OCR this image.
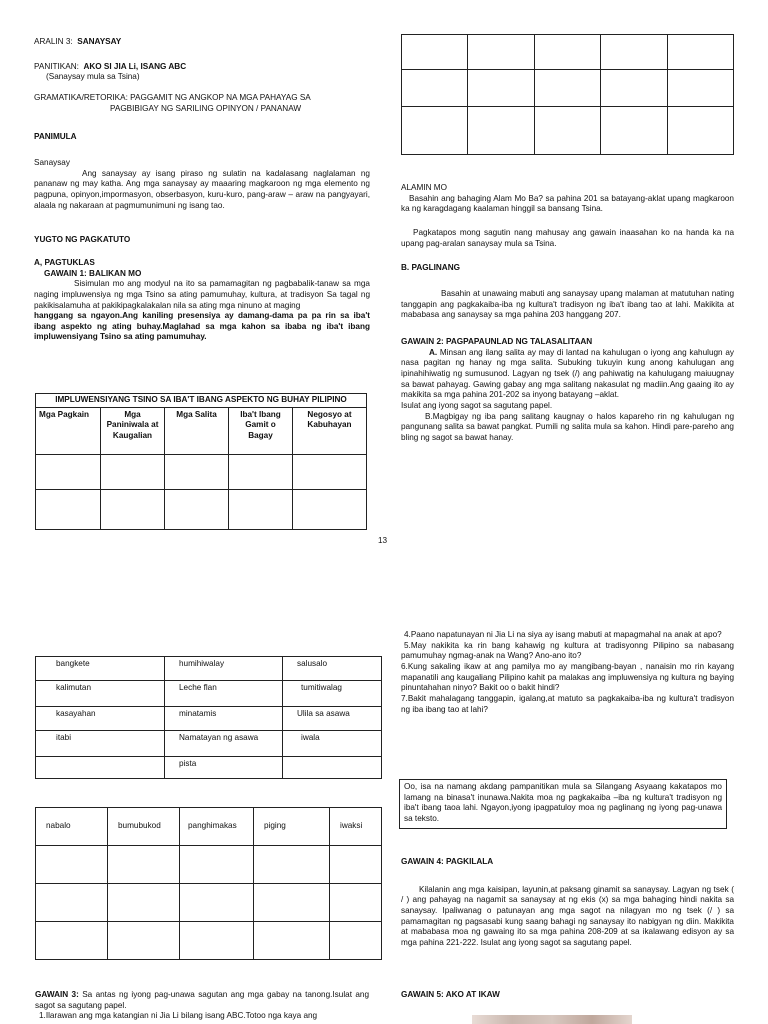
ARALIN 3: SANAYSAY

PANITIKAN: AKO SI JIA Li, ISANG ABC

(Sanaysay mula sa Tsina)

GRAMATIKA/RETORIKA: PAGGAMIT NG ANGKOP NA MGA PAHAYAG SA

PAGBIBIGAY NG SARILING OPINYON / PANANAW

PANIMULA

Sanaysay

Ang sanaysay ay isang piraso ng sulatin na kadalasang naglalaman ng pananaw ng may katha. Ang mga sanaysay ay maaaring magkaroon ng mga elemento ng pagpuna, opinyon,impormasyon, obserbasyon, kuru-kuro, pang-araw – araw na pangyayari, alaala ng nakaraan at pagmumunimuni ng isang tao.

YUGTO NG PAGKATUTO

A, PAGTUKLAS

GAWAIN 1: BALIKAN MO

Sisimulan mo ang modyul na ito sa pamamagitan ng pagbabalik-tanaw sa mga naging impluwensiya ng mga Tsino sa ating pamumuhay, kultura, at tradisyon Sa tagal ng pakikisalamuha at pakikipagkalakalan nila sa ating mga ninuno at maging

hanggang sa ngayon.Ang kaniling presensiya ay damang-dama pa pa rin sa iba't ibang aspekto ng ating buhay.Maglahad sa mga kahon sa ibaba ng iba't ibang impluwensiyang Tsino sa ating pamumuhay.

IMPLUWENSIYANG TSINO SA IBA'T IBANG ASPEKTO NG BUHAY PILIPINO				
Mga Pagkain	Mga Paniniwala at Kaugalian	Mga Salita	Iba't Ibang Gamit o Bagay	Negosyo at Kabuhayan

13

ALAMIN MO

Basahin ang bahaging Alam Mo Ba? sa pahina 201 sa batayang-aklat upang magkaroon ka ng karagdagang kaalaman hinggil sa bansang Tsina.

Pagkatapos mong sagutin nang mahusay ang gawain inaasahan ko na handa ka na upang pag-aralan sanaysay mula sa Tsina.

B. PAGLINANG

Basahin at unawaing mabuti ang sanaysay upang malaman at matutuhan nating tanggapin ang pagkakaiba-iba ng kultura't tradisyon ng iba't ibang tao at lahi. Makikita at mababasa ang sanaysay sa mga pahina 203 hanggang 207.

GAWAIN 2: PAGPAPAUNLAD NG TALASALITAAN

A. Minsan ang ilang salita ay may di lantad na kahulugan o iyong ang kahulugn ay nasa pagitan ng hanay ng mga salita. Subuking tukuyin kung anong kahulugan ang ipinahihiwatig ng sumusunod. Lagyan ng tsek (/) ang pahiwatig na kahulugang maiuugnay sa bawat pahayag. Gawing gabay ang mga salitang nakasulat ng madiin.Ang gaaing ito ay makikita sa mga pahina 201-202 sa inyong batayang –aklat.

Isulat ang iyong sagot sa sagutang papel.

B.Magbigay ng iba pang salitang kaugnay o halos kapareho rin ng kahulugan ng pangunang salita sa bawat pangkat. Pumili ng salita mula sa kahon. Hindi pare-pareho ang bling ng sagot sa bawat hanay.

bangkete	humihiwalay	salusalo
kalimutan	Leche flan	tumitiwalag
kasayahan	minatamis	Ulila sa asawa
itabi	Namatayan ng asawa	iwala
	pista	
nabalo	bumubukod	panghimakas	piging	iwaksi

GAWAIN 3: Sa antas ng iyong pag-unawa sagutan ang mga gabay na tanong.Isulat ang sagot sa sagutang papel.

1.Ilarawan ang mga katangian ni Jia Li bilang isang ABC.Totoo nga kaya ang

4.Paano napatunayan ni Jia Li na siya ay isang mabuti at mapagmahal na anak at apo?

5.May nakikita ka rin bang kahawig ng kultura at tradisyonng Pilipino sa nabasang pamumuhay ngmag-anak na Wang? Ano-ano ito?

6.Kung sakaling ikaw at ang pamilya mo ay mangibang-bayan , nanaisin mo rin kayang mapanatili ang kaugaliang Pilipino kahit pa malakas ang impluwensiya ng kultura ng baying pinuntahahan ninyo? Bakit oo o bakit hindi?

7.Bakit mahalagang tanggapin, igalang,at matuto sa pagkakaiba-iba ng kultura't tradisyon ng iba ibang tao at lahi?

Oo, isa na namang akdang pampanitikan mula sa Silangang Asyaang kakatapos mo lamang na binasa't inunawa.Nakita moa ng pagkakaiba –iba ng kultura't tradisyon ng iba't ibang taoa lahi. Ngayon,iyong ipagpatuloy moa ng paglinang ng iyong pag-unawa sa teksto.

GAWAIN 4: PAGKILALA

Kilalanin ang mga kaisipan, layunin,at paksang ginamit sa sanaysay. Lagyan ng tsek ( / ) ang pahayag na nagamit sa sanaysay at ng ekis (x) sa mga bahaging hindi nakita sa sanaysay. Ipaliwanag o patunayan ang mga sagot na nilagyan mo ng tsek (/ ) sa pamamagitan ng pagsasabi kung saang bahagi ng sanaysay ito nabigyan ng diin. Makikita at mababasa moa ng gawaing ito sa mga pahina 208-209 at sa ikalawang edisyon ay sa mga pahina 221-222. Isulat ang iyong sagot sa sagutang papel.

GAWAIN 5: AKO AT IKAW
